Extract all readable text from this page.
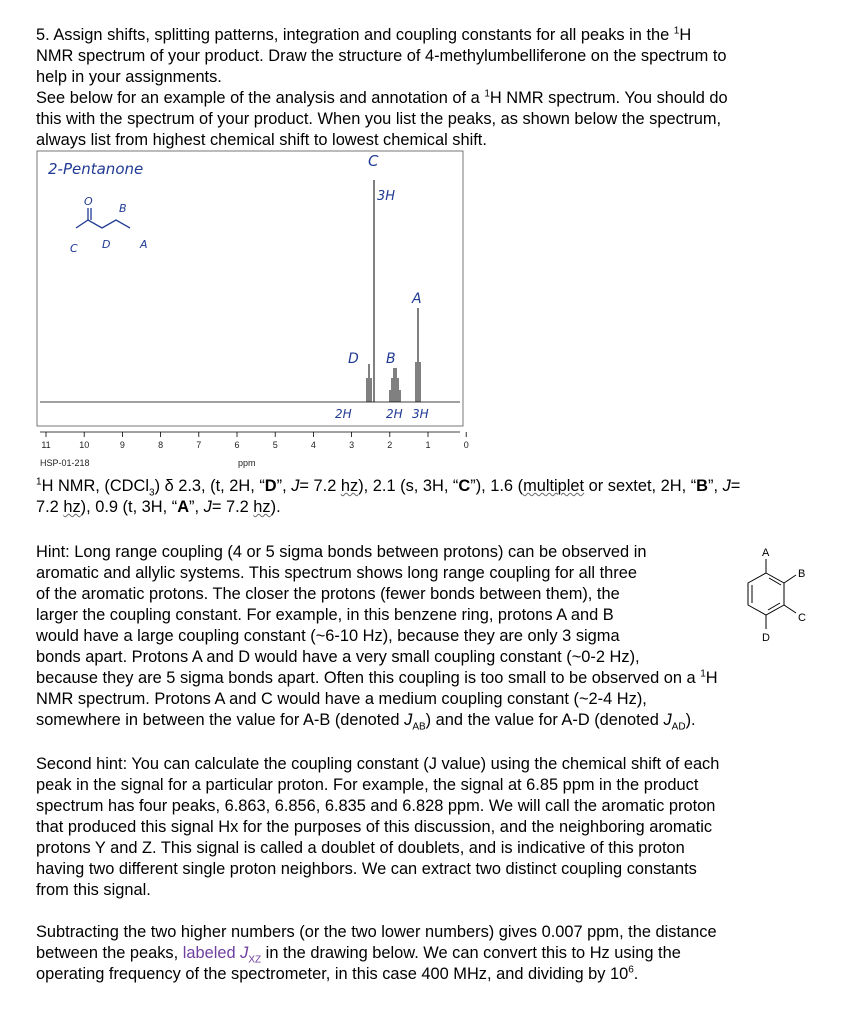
5. Assign shifts, splitting patterns, integration and coupling constants for all peaks in the $^1$H
NMR spectrum of your product. Draw the structure of 4-methylumbelliferone on the spectrum to
help in your assignments.
See below for an example of the analysis and annotation of a $^1$H NMR spectrum. You should do
this with the spectrum of your product. When you list the peaks, as shown below the spectrum,
always list from highest chemical shift to lowest chemical shift.
2-Pentanone	C
3H
A
D B
2H	2H 3H
O
B
C D	A
11	10	9	8	7	6	5	4	3	2	1	0
HSP-01-218	ppm
$^1$H NMR, (CDCl$_3$) δ 2.3, (t, 2H, “D”, J= 7.2 hz), 2.1 (s, 3H, “C”), 1.6 (multiplet or sextet, 2H, “B”, J=
7.2 hz), 0.9 (t, 3H, “A”, J= 7.2 hz).
Hint: Long range coupling (4 or 5 sigma bonds between protons) can be observed in
aromatic and allylic systems. This spectrum shows long range coupling for all three
of the aromatic protons. The closer the protons (fewer bonds between them), the
larger the coupling constant. For example, in this benzene ring, protons A and B
would have a large coupling constant (~6-10 Hz), because they are only 3 sigma
bonds apart. Protons A and D would have a very small coupling constant (~0-2 Hz),
because they are 5 sigma bonds apart. Often this coupling is too small to be observed on a $^1$H
NMR spectrum. Protons A and C would have a medium coupling constant (~2-4 Hz),
somewhere in between the value for A-B (denoted $J_{AB}$) and the value for A-D (denoted $J_{AD}$).
A
B
C
D
Second hint: You can calculate the coupling constant (J value) using the chemical shift of each
peak in the signal for a particular proton. For example, the signal at 6.85 ppm in the product
spectrum has four peaks, 6.863, 6.856, 6.835 and 6.828 ppm. We will call the aromatic proton
that produced this signal Hx for the purposes of this discussion, and the neighboring aromatic
protons Y and Z. This signal is called a doublet of doublets, and is indicative of this proton
having two different single proton neighbors. We can extract two distinct coupling constants
from this signal.
Subtracting the two higher numbers (or the two lower numbers) gives 0.007 ppm, the distance
between the peaks, labeled $J_{XZ}$ in the drawing below. We can convert this to Hz using the
operating frequency of the spectrometer, in this case 400 MHz, and dividing by $10^6$.
